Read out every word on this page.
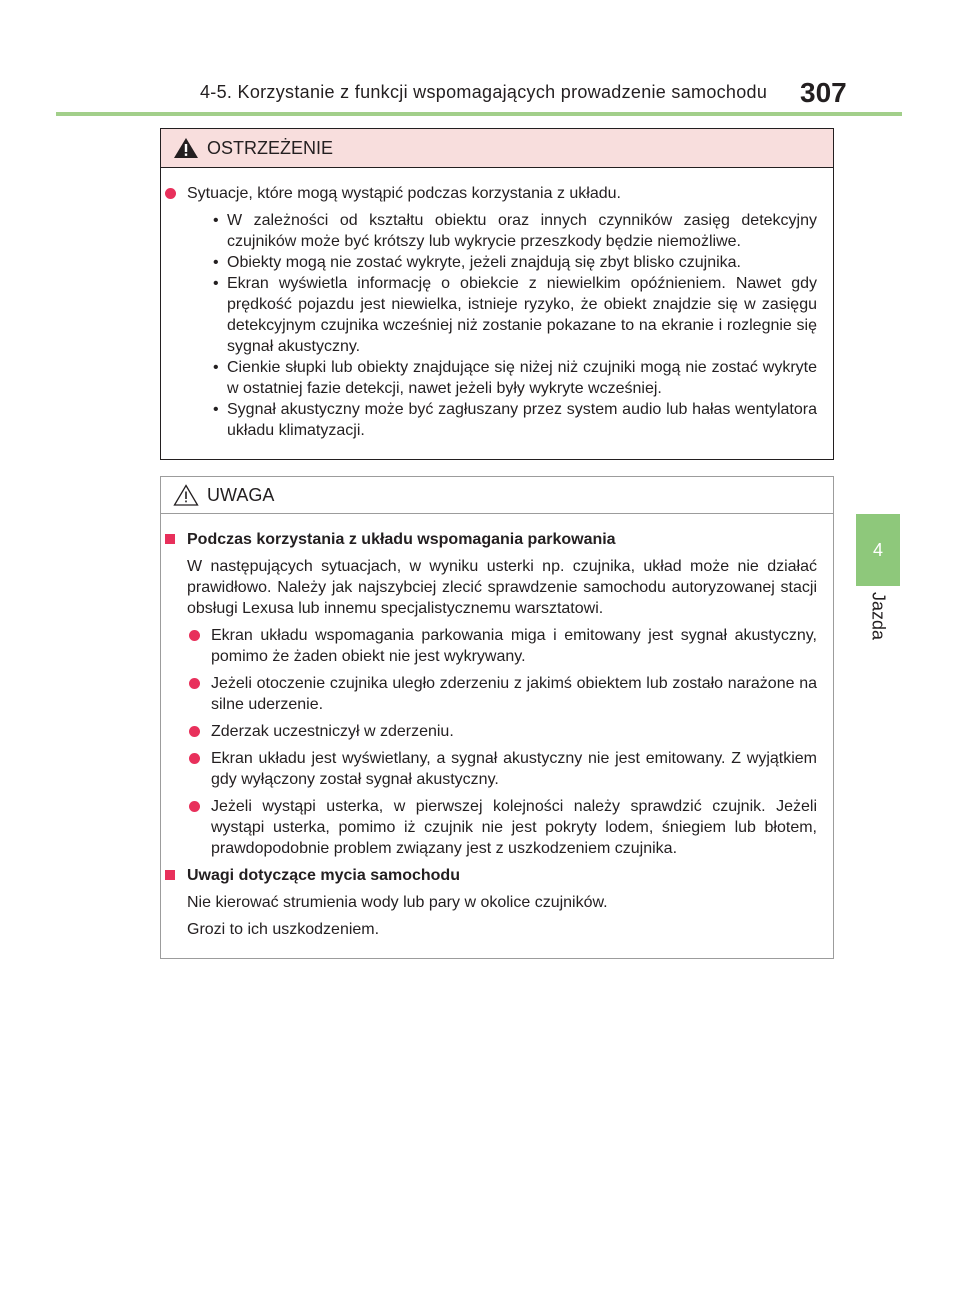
4-5. Korzystanie z funkcji wspomagających prowadzenie samochodu 307
4
Jazda
OSTRZEŻENIE
Sytuacje, które mogą wystąpić podczas korzystania z układu.
• W zależności od kształtu obiektu oraz innych czynników zasięg detekcyjny czujników może być krótszy lub wykrycie przeszkody będzie niemożliwe.
• Obiekty mogą nie zostać wykryte, jeżeli znajdują się zbyt blisko czujnika.
• Ekran wyświetla informację o obiekcie z niewielkim opóźnieniem. Nawet gdy prędkość pojazdu jest niewielka, istnieje ryzyko, że obiekt znajdzie się w zasięgu detekcyjnym czujnika wcześniej niż zostanie pokazane to na ekranie i rozlegnie się sygnał akustyczny.
• Cienkie słupki lub obiekty znajdujące się niżej niż czujniki mogą nie zostać wykryte w ostatniej fazie detekcji, nawet jeżeli były wykryte wcześniej.
• Sygnał akustyczny może być zagłuszany przez system audio lub hałas wentylatora układu klimatyzacji.
UWAGA
Podczas korzystania z układu wspomagania parkowania
W następujących sytuacjach, w wyniku usterki np. czujnika, układ może nie działać prawidłowo. Należy jak najszybciej zlecić sprawdzenie samochodu autoryzowanej stacji obsługi Lexusa lub innemu specjalistycznemu warsztatowi.
Ekran układu wspomagania parkowania miga i emitowany jest sygnał akustyczny, pomimo że żaden obiekt nie jest wykrywany.
Jeżeli otoczenie czujnika uległo zderzeniu z jakimś obiektem lub zostało narażone na silne uderzenie.
Zderzak uczestniczył w zderzeniu.
Ekran układu jest wyświetlany, a sygnał akustyczny nie jest emitowany. Z wyjątkiem gdy wyłączony został sygnał akustyczny.
Jeżeli wystąpi usterka, w pierwszej kolejności należy sprawdzić czujnik. Jeżeli wystąpi usterka, pomimo iż czujnik nie jest pokryty lodem, śniegiem lub błotem, prawdopodobnie problem związany jest z uszkodzeniem czujnika.
Uwagi dotyczące mycia samochodu
Nie kierować strumienia wody lub pary w okolice czujników.
Grozi to ich uszkodzeniem.
